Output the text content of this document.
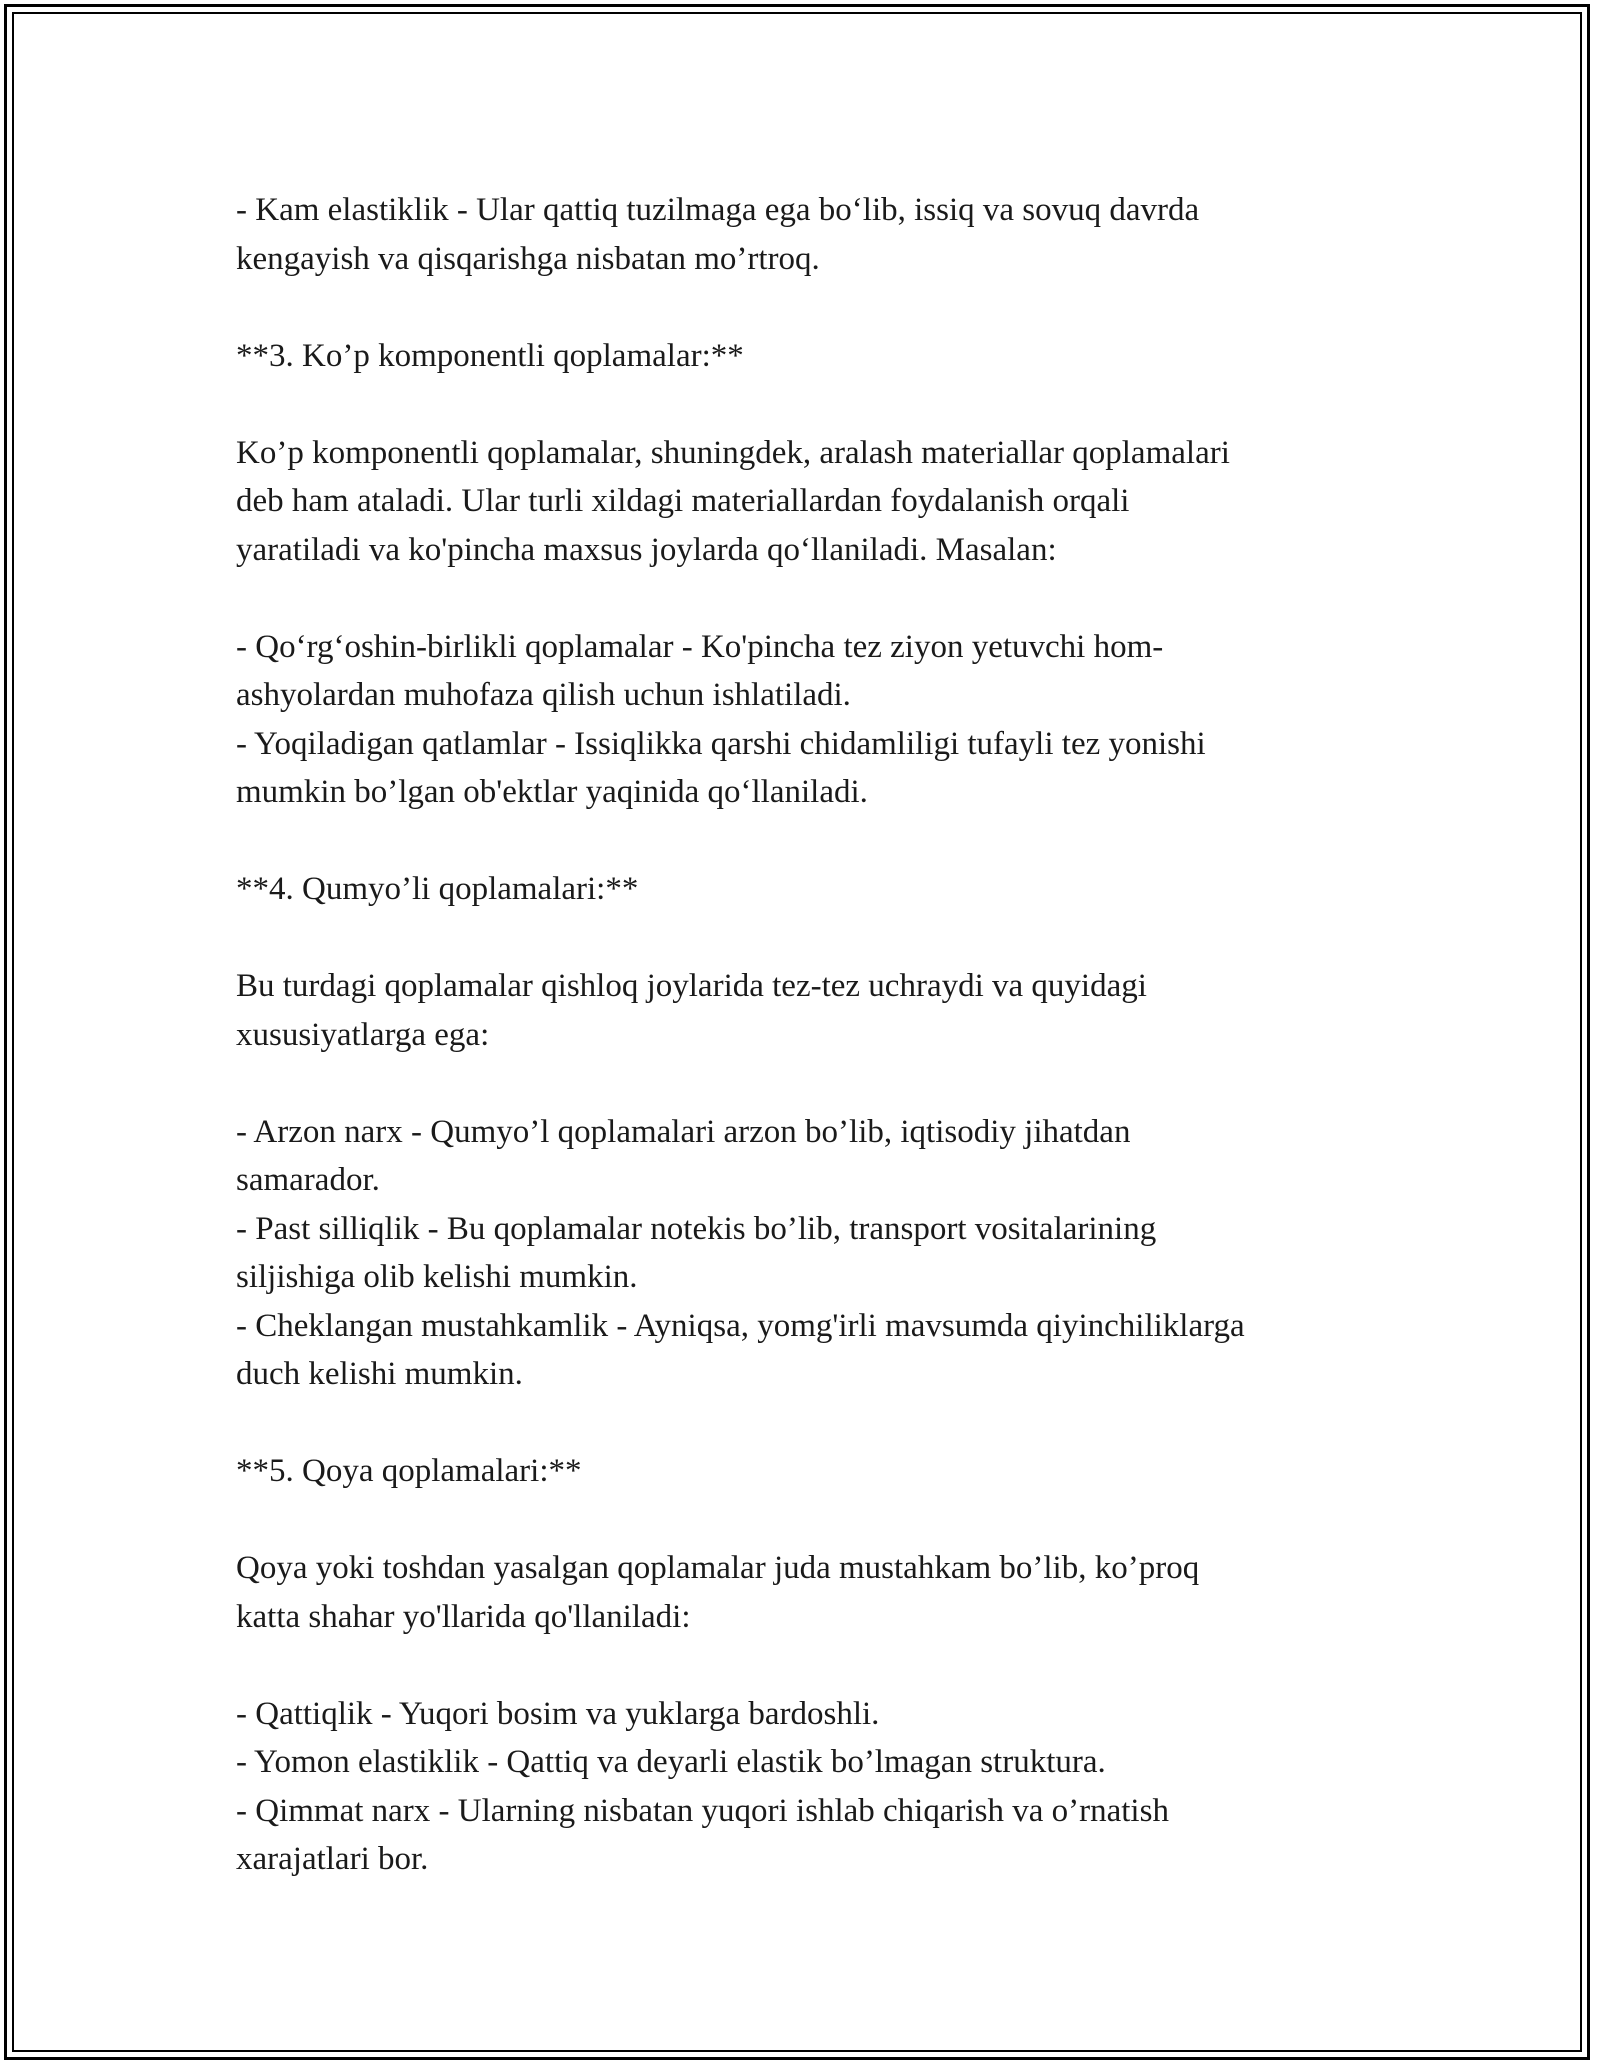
- Kam elastiklik - Ular qattiq tuzilmaga ega bo‘lib, issiq va sovuq davrda
kengayish va qisqarishga nisbatan mo’rtroq.
**3. Ko’p komponentli qoplamalar:**
Ko’p komponentli qoplamalar, shuningdek, aralash materiallar qoplamalari
deb ham ataladi. Ular turli xildagi materiallardan foydalanish orqali
yaratiladi va ko'pincha maxsus joylarda qo‘llaniladi. Masalan:
- Qo‘rg‘oshin-birlikli qoplamalar - Ko'pincha tez ziyon yetuvchi hom-
ashyolardan muhofaza qilish uchun ishlatiladi.
- Yoqiladigan qatlamlar - Issiqlikka qarshi chidamliligi tufayli tez yonishi
mumkin bo’lgan ob'ektlar yaqinida qo‘llaniladi.
**4. Qumyo’li qoplamalari:**
Bu turdagi qoplamalar qishloq joylarida tez-tez uchraydi va quyidagi
xususiyatlarga ega:
- Arzon narx - Qumyo’l qoplamalari arzon bo’lib, iqtisodiy jihatdan
samarador.
- Past silliqlik - Bu qoplamalar notekis bo’lib, transport vositalarining
siljishiga olib kelishi mumkin.
- Cheklangan mustahkamlik - Ayniqsa, yomg'irli mavsumda qiyinchiliklarga
duch kelishi mumkin.
**5. Qoya qoplamalari:**
Qoya yoki toshdan yasalgan qoplamalar juda mustahkam bo’lib, ko’proq
katta shahar yo'llarida qo'llaniladi:
- Qattiqlik - Yuqori bosim va yuklarga bardoshli.
- Yomon elastiklik - Qattiq va deyarli elastik bo’lmagan struktura.
- Qimmat narx - Ularning nisbatan yuqori ishlab chiqarish va o’rnatish
xarajatlari bor.
